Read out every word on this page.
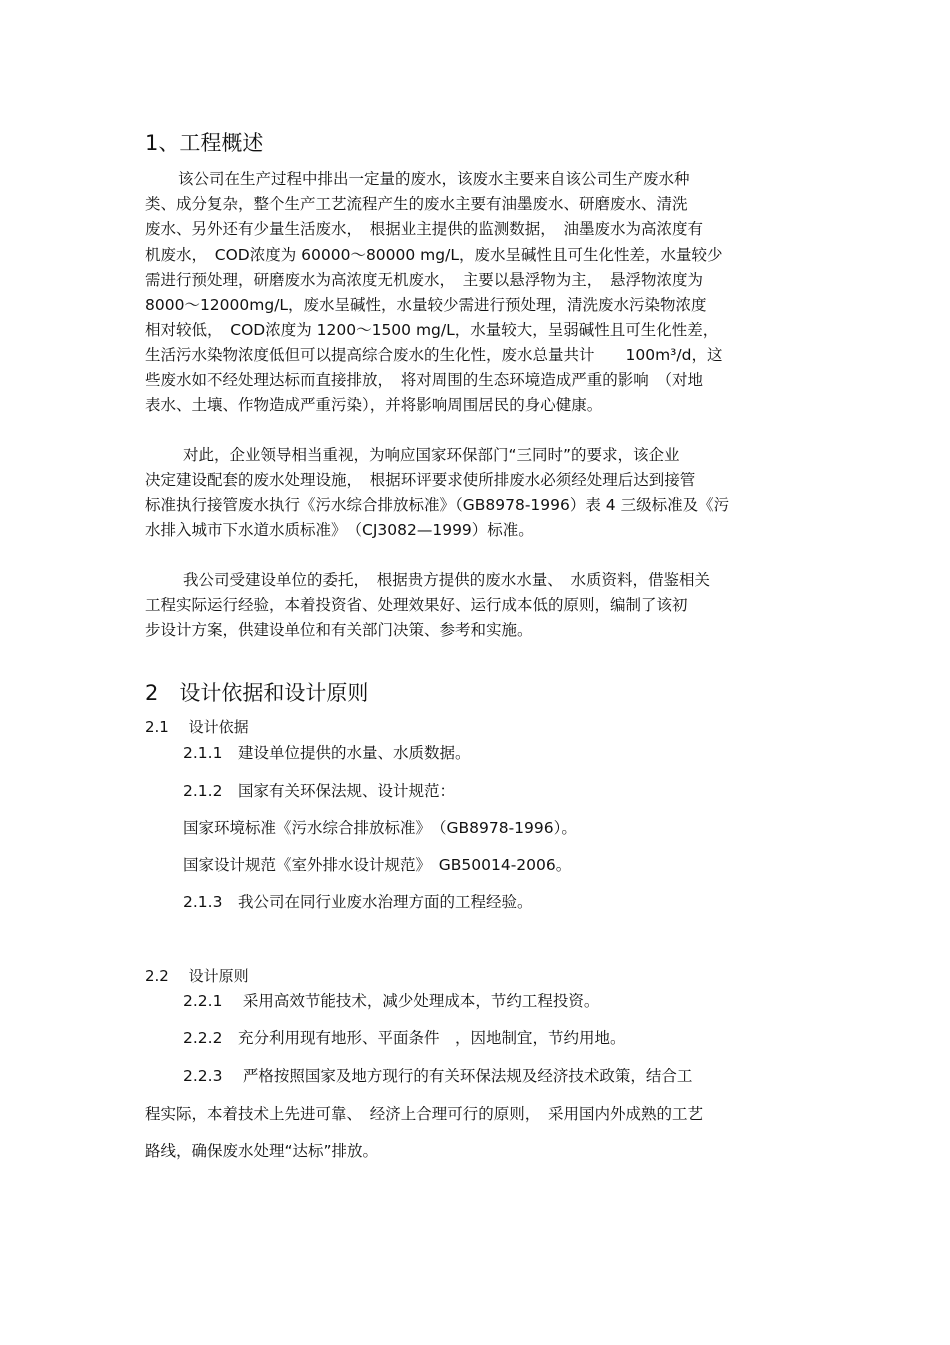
1、工程概述
该公司在生产过程中排出一定量的废水，该废水主要来自该公司生产废水种
类、成分复杂，整个生产工艺流程产生的废水主要有油墨废水、研磨废水、清洗
废水、另外还有少量生活废水，　根据业主提供的监测数据，　油墨废水为高浓度有
机废水，　COD浓度为 60000～80000 mg/L，废水呈碱性且可生化性差，水量较少
需进行预处理，研磨废水为高浓度无机废水，　主要以悬浮物为主，　悬浮物浓度为
8000～12000mg/L，废水呈碱性，水量较少需进行预处理，清洗废水污染物浓度
相对较低，　COD浓度为 1200～1500 mg/L，水量较大，呈弱碱性且可生化性差，
生活污水染物浓度低但可以提高综合废水的生化性，废水总量共计　　100m³/d，这
些废水如不经处理达标而直接排放，　将对周围的生态环境造成严重的影响　（对地
表水、土壤、作物造成严重污染），并将影响周围居民的身心健康。
对此，企业领导相当重视，为响应国家环保部门“三同时”的要求，该企业
决定建设配套的废水处理设施，　根据环评要求使所排废水必须经处理后达到接管
标准执行接管废水执行《污水综合排放标准》（GB8978-1996）表 4 三级标准及《污
水排入城市下水道水质标准》　（CJ3082—1999）标准。
我公司受建设单位的委托，　根据贵方提供的废水水量、　水质资料，借鉴相关
工程实际运行经验，本着投资省、处理效果好、运行成本低的原则，编制了该初
步设计方案，供建设单位和有关部门决策、参考和实施。
2　设计依据和设计原则
2.1　 设计依据
2.1.1　建设单位提供的水量、水质数据。
2.1.2　国家有关环保法规、设计规范：
国家环境标准《污水综合排放标准》　（GB8978-1996）。
国家设计规范《室外排水设计规范》　GB50014-2006。
2.1.3　我公司在同行业废水治理方面的工程经验。
2.2　 设计原则
2.2.1　 采用高效节能技术，减少处理成本，节约工程投资。
2.2.2　充分利用现有地形、平面条件　，因地制宜，节约用地。
2.2.3　 严格按照国家及地方现行的有关环保法规及经济技术政策，结合工
程实际，本着技术上先进可靠、　经济上合理可行的原则，　采用国内外成熟的工艺
路线，确保废水处理“达标”排放。
